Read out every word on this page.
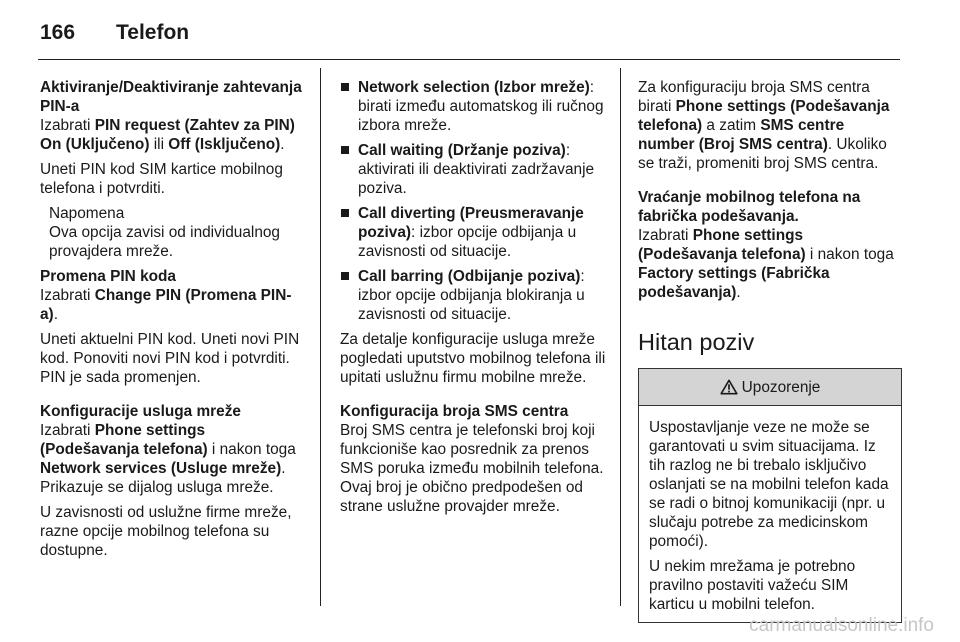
166 Telefon

Aktiviranje/Deaktiviranje zahtevanja PIN-a

Izabrati PIN request (Zahtev za PIN) On (Uključeno) ili Off (Isključeno).

Uneti PIN kod SIM kartice mobilnog telefona i potvrditi.

Napomena
Ova opcija zavisi od individualnog provajdera mreže.

Promena PIN koda

Izabrati Change PIN (Promena PIN-a).

Uneti aktuelni PIN kod. Uneti novi PIN kod. Ponoviti novi PIN kod i potvrditi. PIN je sada promenjen.

Konfiguracije usluga mreže

Izabrati Phone settings (Podešavanja telefona) i nakon toga Network services (Usluge mreže). Prikazuje se dijalog usluga mreže.

U zavisnosti od uslužne firme mreže, razne opcije mobilnog telefona su dostupne.

Network selection (Izbor mreže): birati između automatskog ili ručnog izbora mreže.
Call waiting (Držanje poziva): aktivirati ili deaktivirati zadržavanje poziva.
Call diverting (Preusmeravanje poziva): izbor opcije odbijanja u zavisnosti od situacije.
Call barring (Odbijanje poziva): izbor opcije odbijanja blokiranja u zavisnosti od situacije.

Za detalje konfiguracije usluga mreže pogledati uputstvo mobilnog telefona ili upitati uslužnu firmu mobilne mreže.

Konfiguracija broja SMS centra

Broj SMS centra je telefonski broj koji funkcioniše kao posrednik za prenos SMS poruka između mobilnih telefona. Ovaj broj je obično predpodešen od strane uslužne provajder mreže.

Za konfiguraciju broja SMS centra birati Phone settings (Podešavanja telefona) a zatim SMS centre number (Broj SMS centra). Ukoliko se traži, promeniti broj SMS centra.

Vraćanje mobilnog telefona na fabrička podešavanja.

Izabrati Phone settings (Podešavanja telefona) i nakon toga Factory settings (Fabrička podešavanja).

Hitan poziv
Upozorenje

Uspostavljanje veze ne može se garantovati u svim situacijama. Iz tih razlog ne bi trebalo isključivo oslanjati se na mobilni telefon kada se radi o bitnoj komunikaciji (npr. u slučaju potrebe za medicinskom pomoći).

U nekim mrežama je potrebno pravilno postaviti važeću SIM karticu u mobilni telefon.

carmanualsonline.info
